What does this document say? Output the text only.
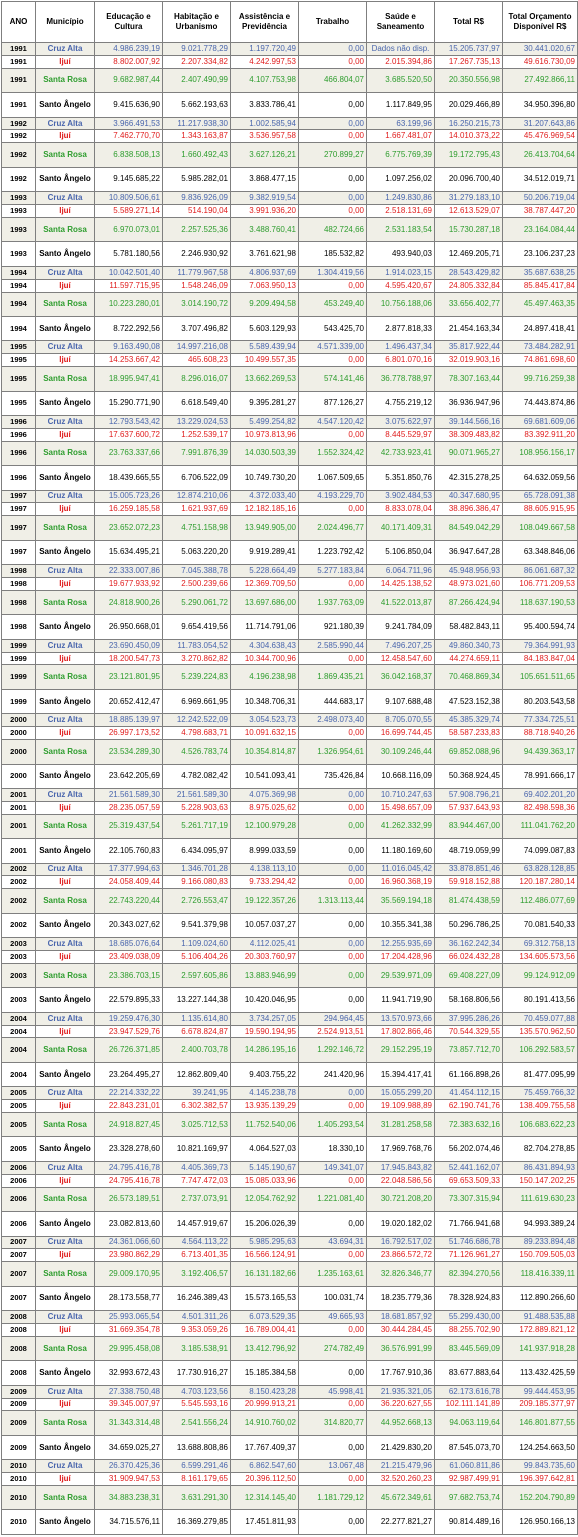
ANO	Município	Educação e Cultura	Habitação e Urbanismo	Assistência e Previdência	Trabalho	Saúde e Saneamento	Total R$	Total Orçamento Disponível R$
1991	Cruz Alta	4.986.239,19	9.021.778,29	1.197.720,49	0,00	Dados não disp.	15.205.737,97	30.441.020,67
1991	Ijuí	8.802.007,92	2.207.334,82	4.242.997,53	0,00	2.015.394,86	17.267.735,13	49.616.730,09
1991	Santa Rosa	9.682.987,44	2.407.490,99	4.107.753,98	466.804,07	3.685.520,50	20.350.556,98	27.492.866,11
1991	Santo Ângelo	9.415.636,90	5.662.193,63	3.833.786,41	0,00	1.117.849,95	20.029.466,89	34.950.396,80
1992	Cruz Alta	3.966.491,53	11.217.938,30	1.002.585,94	0,00	63.199,96	16.250.215,73	31.207.643,86
1992	Ijuí	7.462.770,70	1.343.163,87	3.536.957,58	0,00	1.667.481,07	14.010.373,22	45.476.969,54
1992	Santa Rosa	6.838.508,13	1.660.492,43	3.627.126,21	270.899,27	6.775.769,39	19.172.795,43	26.413.704,64
1992	Santo Ângelo	9.145.685,22	5.985.282,01	3.868.477,15	0,00	1.097.256,02	20.096.700,40	34.512.019,71
1993	Cruz Alta	10.809.506,61	9.836.926,09	9.382.919,54	0,00	1.249.830,86	31.279.183,10	50.206.719,04
1993	Ijuí	5.589.271,14	514.190,04	3.991.936,20	0,00	2.518.131,69	12.613.529,07	38.787.447,20
1993	Santa Rosa	6.970.073,01	2.257.525,36	3.488.760,41	482.724,66	2.531.183,54	15.730.287,18	23.164.084,44
1993	Santo Ângelo	5.781.180,56	2.246.930,92	3.761.621,98	185.532,82	493.940,03	12.469.205,71	23.106.237,23
1994	Cruz Alta	10.042.501,40	11.779.967,58	4.806.937,69	1.304.419,56	1.914.023,15	28.543.429,82	35.687.638,25
1994	Ijuí	11.597.715,95	1.548.246,09	7.063.950,13	0,00	4.595.420,67	24.805.332,84	85.845.417,84
1994	Santa Rosa	10.223.280,01	3.014.190,72	9.209.494,58	453.249,40	10.756.188,06	33.656.402,77	45.497.463,35
1994	Santo Ângelo	8.722.292,56	3.707.496,82	5.603.129,93	543.425,70	2.877.818,33	21.454.163,34	24.897.418,41
1995	Cruz Alta	9.163.490,08	14.997.216,08	5.589.439,94	4.571.339,00	1.496.437,34	35.817.922,44	73.484.282,91
1995	Ijuí	14.253.667,42	465.608,23	10.499.557,35	0,00	6.801.070,16	32.019.903,16	74.861.698,60
1995	Santa Rosa	18.995.947,41	8.296.016,07	13.662.269,53	574.141,46	36.778.788,97	78.307.163,44	99.716.259,38
1995	Santo Ângelo	15.290.771,90	6.618.549,40	9.395.281,27	877.126,27	4.755.219,12	36.936.947,96	74.443.874,86
1996	Cruz Alta	12.793.543,42	13.229.024,53	5.499.254,82	4.547.120,42	3.075.622,97	39.144.566,16	69.681.609,06
1996	Ijuí	17.637.600,72	1.252.539,17	10.973.813,96	0,00	8.445.529,97	38.309.483,82	83.392.911,20
1996	Santa Rosa	23.763.337,66	7.991.876,39	14.030.503,39	1.552.324,42	42.733.923,41	90.071.965,27	108.956.156,17
1996	Santo Ângelo	18.439.665,55	6.706.522,09	10.749.730,20	1.067.509,65	5.351.850,76	42.315.278,25	64.632.059,56
1997	Cruz Alta	15.005.723,26	12.874.210,06	4.372.033,40	4.193.229,70	3.902.484,53	40.347.680,95	65.728.091,38
1997	Ijuí	16.259.185,58	1.621.937,69	12.182.185,16	0,00	8.833.078,04	38.896.386,47	88.605.915,95
1997	Santa Rosa	23.652.072,23	4.751.158,98	13.949.905,00	2.024.496,77	40.171.409,31	84.549.042,29	108.049.667,58
1997	Santo Ângelo	15.634.495,21	5.063.220,20	9.919.289,41	1.223.792,42	5.106.850,04	36.947.647,28	63.348.846,06
1998	Cruz Alta	22.333.007,86	7.045.388,78	5.228.664,49	5.277.183,84	6.064.711,96	45.948.956,93	86.061.687,32
1998	Ijuí	19.677.933,92	2.500.239,66	12.369.709,50	0,00	14.425.138,52	48.973.021,60	106.771.209,53
1998	Santa Rosa	24.818.900,26	5.290.061,72	13.697.686,00	1.937.763,09	41.522.013,87	87.266.424,94	118.637.190,53
1998	Santo Ângelo	26.950.668,01	9.654.419,56	11.714.791,06	921.180,39	9.241.784,09	58.482.843,11	95.400.594,74
1999	Cruz Alta	23.690.450,09	11.783.054,52	4.304.638,43	2.585.990,44	7.496.207,25	49.860.340,73	79.364.991,93
1999	Ijuí	18.200.547,73	3.270.862,82	10.344.700,96	0,00	12.458.547,60	44.274.659,11	84.183.847,04
1999	Santa Rosa	23.121.801,95	5.239.224,83	4.196.238,98	1.869.435,21	36.042.168,37	70.468.869,34	105.651.511,65
1999	Santo Ângelo	20.652.412,47	6.969.661,95	10.348.706,31	444.683,17	9.107.688,48	47.523.152,38	80.203.543,58
2000	Cruz Alta	18.885.139,97	12.242.522,09	3.054.523,73	2.498.073,40	8.705.070,55	45.385.329,74	77.334.725,51
2000	Ijuí	26.997.173,52	4.798.683,71	10.091.632,15	0,00	16.699.744,45	58.587.233,83	88.718.940,26
2000	Santa Rosa	23.534.289,30	4.526.783,74	10.354.814,87	1.326.954,61	30.109.246,44	69.852.088,96	94.439.363,17
2000	Santo Ângelo	23.642.205,69	4.782.082,42	10.541.093,41	735.426,84	10.668.116,09	50.368.924,45	78.991.666,17
2001	Cruz Alta	21.561.589,30	21.561.589,30	4.075.369,98	0,00	10.710.247,63	57.908.796,21	69.402.201,20
2001	Ijuí	28.235.057,59	5.228.903,63	8.975.025,62	0,00	15.498.657,09	57.937.643,93	82.498.598,36
2001	Santa Rosa	25.319.437,54	5.261.717,19	12.100.979,28	0,00	41.262.332,99	83.944.467,00	111.041.762,20
2001	Santo Ângelo	22.105.760,83	6.434.095,97	8.999.033,59	0,00	11.180.169,60	48.719.059,99	74.099.087,83
2002	Cruz Alta	17.377.994,63	1.346.701,28	4.138.113,10	0,00	11.016.045,42	33.878.851,46	63.828.128,85
2002	Ijuí	24.058.409,44	9.166.080,83	9.733.294,42	0,00	16.960.368,19	59.918.152,88	120.187.280,14
2002	Santa Rosa	22.743.220,44	2.726.553,47	19.122.357,26	1.313.113,44	35.569.194,18	81.474.438,59	112.486.077,69
2002	Santo Ângelo	20.343.027,62	9.541.379,98	10.057.037,27	0,00	10.355.341,38	50.296.786,25	70.081.540,33
2003	Cruz Alta	18.685.076,64	1.109.024,60	4.112.025,41	0,00	12.255.935,69	36.162.242,34	69.312.758,13
2003	Ijuí	23.409.038,09	5.106.404,26	20.303.760,97	0,00	17.204.428,96	66.024.432,28	134.605.573,56
2003	Santa Rosa	23.386.703,15	2.597.605,86	13.883.946,99	0,00	29.539.971,09	69.408.227,09	99.124.912,09
2003	Santo Ângelo	22.579.895,33	13.227.144,38	10.420.046,95	0,00	11.941.719,90	58.168.806,56	80.191.413,56
2004	Cruz Alta	19.259.476,30	1.135.614,80	3.734.257,05	294.964,45	13.570.973,66	37.995.286,26	70.459.077,88
2004	Ijuí	23.947.529,76	6.678.824,87	19.590.194,95	2.524.913,51	17.802.866,46	70.544.329,55	135.570.962,50
2004	Santa Rosa	26.726.371,85	2.400.703,78	14.286.195,16	1.292.146,72	29.152.295,19	73.857.712,70	106.292.583,57
2004	Santo Ângelo	23.264.495,27	12.862.809,40	9.403.755,22	241.420,96	15.394.417,41	61.166.898,26	81.477.095,99
2005	Cruz Alta	22.214.332,22	39.241,95	4.145.238,78	0,00	15.055.299,20	41.454.112,15	75.459.766,32
2005	Ijuí	22.843.231,01	6.302.382,57	13.935.139,29	0,00	19.109.988,89	62.190.741,76	138.409.755,58
2005	Santa Rosa	24.918.827,45	3.025.712,53	11.752.540,06	1.405.293,54	31.281.258,58	72.383.632,16	106.683.622,23
2005	Santo Ângelo	23.328.278,60	10.821.169,97	4.064.527,03	18.330,10	17.969.768,76	56.202.074,46	82.704.278,85
2006	Cruz Alta	24.795.416,78	4.405.369,73	5.145.190,67	149.341,07	17.945.843,82	52.441.162,07	86.431.894,93
2006	Ijuí	24.795.416,78	7.747.472,03	15.085.033,96	0,00	22.048.586,56	69.653.509,33	150.147.202,25
2006	Santa Rosa	26.573.189,51	2.737.073,91	12.054.762,92	1.221.081,40	30.721.208,20	73.307.315,94	111.619.630,23
2006	Santo Ângelo	23.082.813,60	14.457.919,67	15.206.026,39	0,00	19.020.182,02	71.766.941,68	94.993.389,24
2007	Cruz Alta	24.361.066,60	4.564.113,22	5.985.295,63	43.694,31	16.792.517,02	51.746.686,78	89.233.894,48
2007	Ijuí	23.980.862,29	6.713.401,35	16.566.124,91	0,00	23.866.572,72	71.126.961,27	150.709.505,03
2007	Santa Rosa	29.009.170,95	3.192.406,57	16.131.182,66	1.235.163,61	32.826.346,77	82.394.270,56	118.416.339,11
2007	Santo Ângelo	28.173.558,77	16.246.389,43	15.573.165,53	100.031,74	18.235.779,36	78.328.924,83	112.890.266,60
2008	Cruz Alta	25.993.065,54	4.501.311,26	6.073.529,35	49.665,93	18.681.857,92	55.299.430,00	91.488.535,88
2008	Ijuí	31.669.354,78	9.353.059,26	16.789.004,41	0,00	30.444.284,45	88.255.702,90	172.889.821,12
2008	Santa Rosa	29.995.458,08	3.185.538,91	13.412.796,92	274.782,49	36.576.991,99	83.445.569,09	141.937.918,28
2008	Santo Ângelo	32.993.672,43	17.730.916,27	15.185.384,58	0,00	17.767.910,36	83.677.883,64	113.432.425,59
2009	Cruz Alta	27.338.750,48	4.703.123,56	8.150.423,28	45.998,41	21.935.321,05	62.173.616,78	99.444.453,95
2009	Ijuí	39.345.007,97	5.545.593,16	20.999.913,21	0,00	36.220.627,55	102.111.141,89	209.185.377,97
2009	Santa Rosa	31.343.314,48	2.541.556,24	14.910.760,02	314.820,77	44.952.668,13	94.063.119,64	146.801.877,55
2009	Santo Ângelo	34.659.025,27	13.688.808,86	17.767.409,37	0,00	21.429.830,20	87.545.073,70	124.254.663,50
2010	Cruz Alta	26.370.425,36	6.599.291,46	6.862.547,60	13.067,48	21.215.479,96	61.060.811,86	99.843.735,60
2010	Ijuí	31.909.947,53	8.161.179,65	20.396.112,50	0,00	32.520.260,23	92.987.499,91	196.397.642,81
2010	Santa Rosa	34.883.238,31	3.631.291,30	12.314.145,40	1.181.729,12	45.672.349,61	97.682.753,74	152.204.790,89
2010	Santo Ângelo	34.715.576,11	16.369.279,85	17.451.811,93	0,00	22.277.821,27	90.814.489,16	126.950.166,13
